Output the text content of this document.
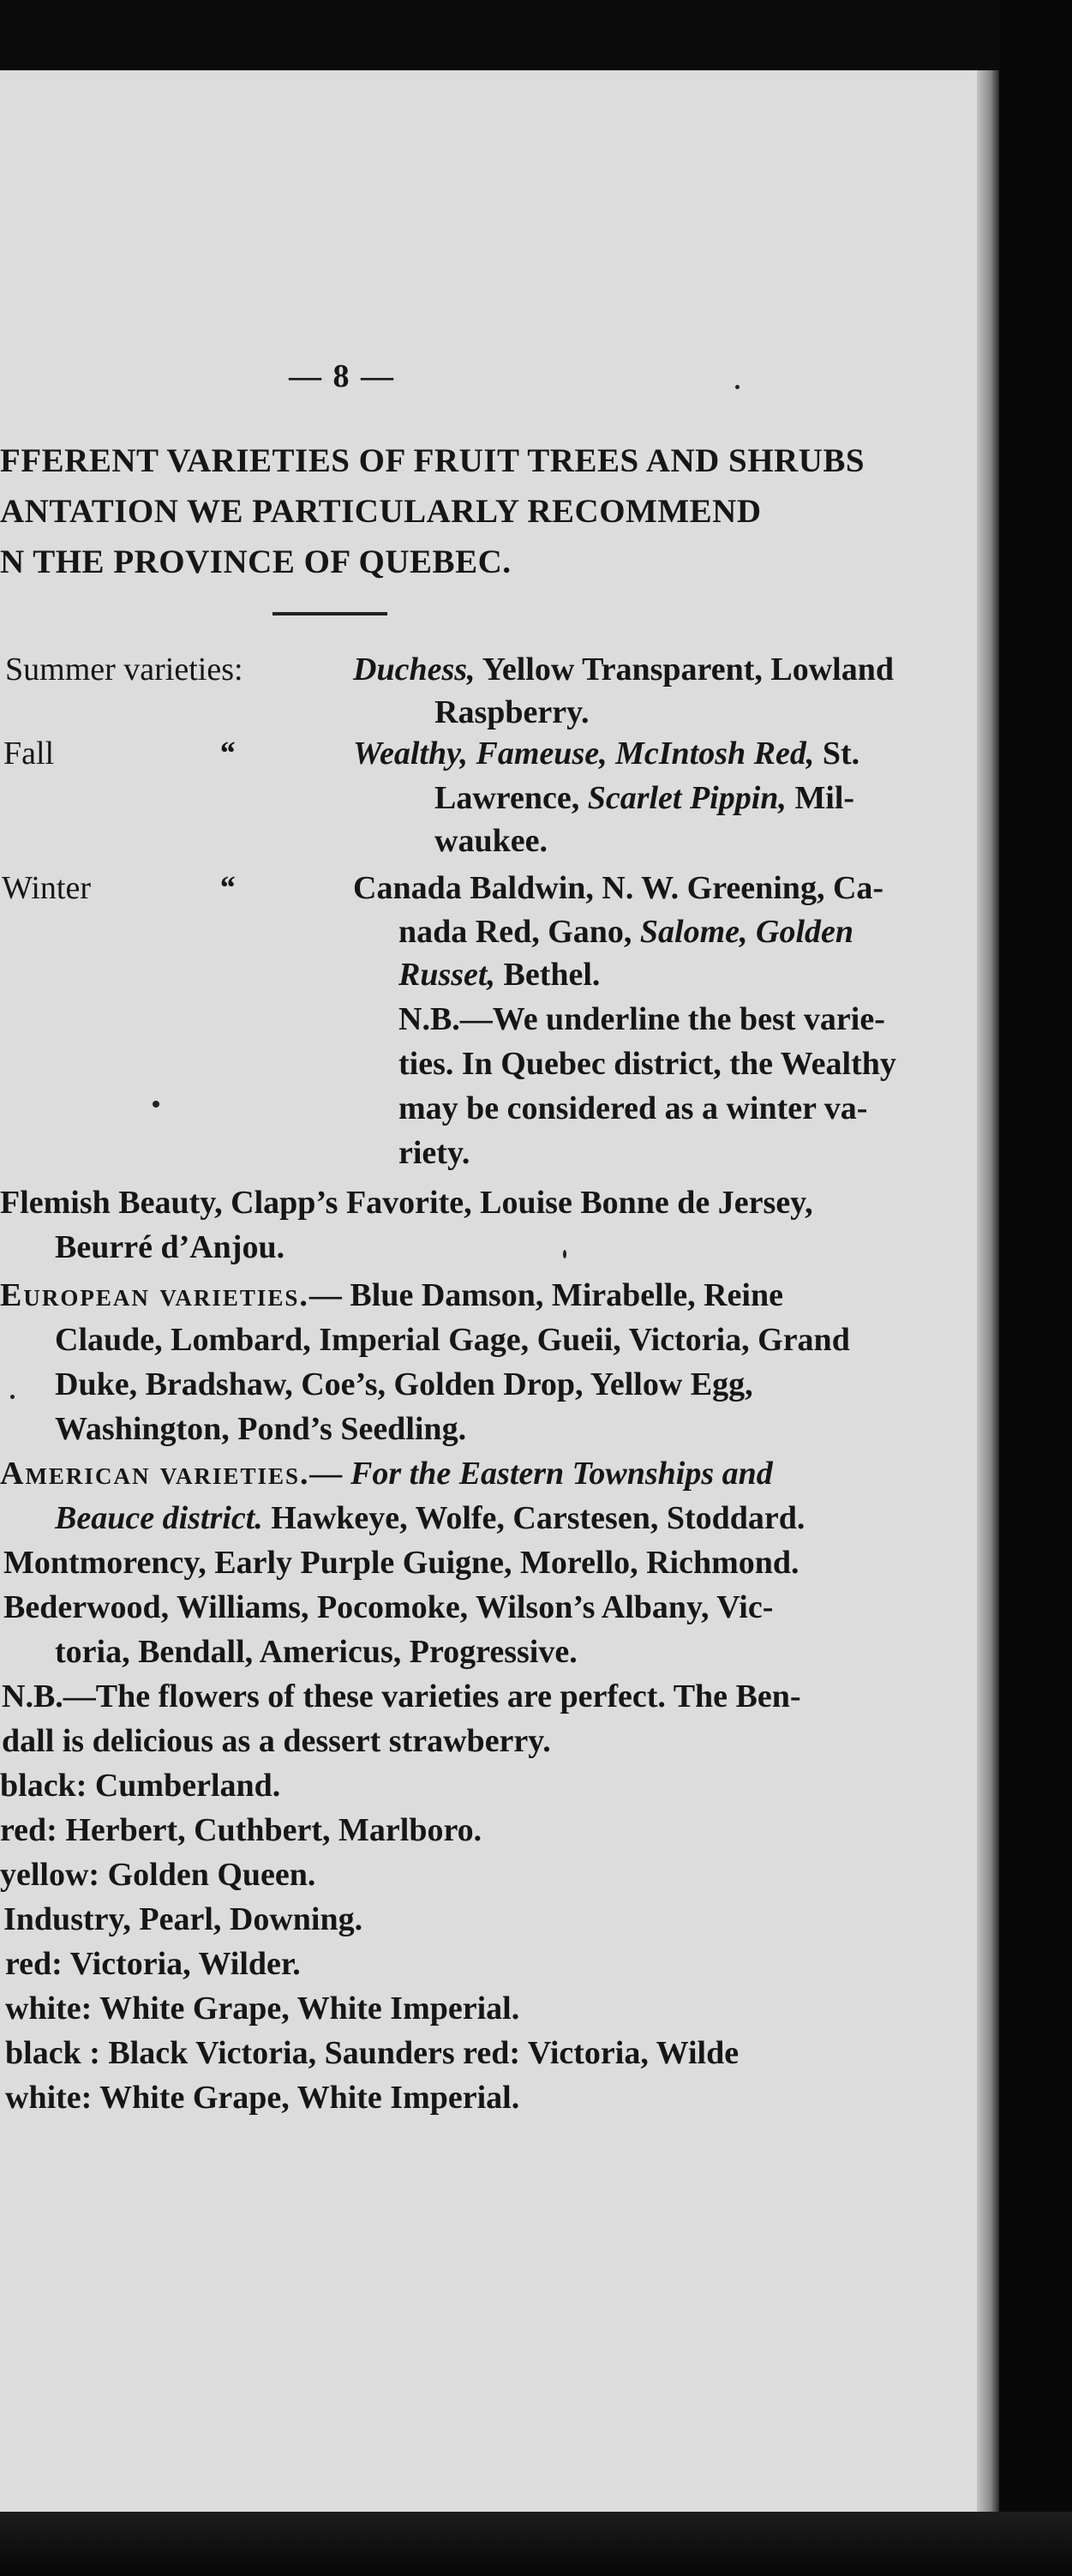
— 8 —
FFERENT VARIETIES OF FRUIT TREES AND SHRUBS
ANTATION WE PARTICULARLY RECOMMEND
N THE PROVINCE OF QUEBEC.
Summer varieties:	Duchess, Yellow Transparent, Lowland
Raspberry.
Fall	“	Wealthy, Fameuse, McIntosh Red, St.
Lawrence, Scarlet Pippin, Mil-
waukee.
Winter	“	Canada Baldwin, N. W. Greening, Ca-
nada Red, Gano, Salome, Golden
Russet, Bethel.
N.B.—We underline the best varie-
ties. In Quebec district, the Wealthy
may be considered as a winter va-
riety.
Flemish Beauty, Clapp’s Favorite, Louise Bonne de Jersey,
Beurré d’Anjou.
European varieties.— Blue Damson, Mirabelle, Reine
Claude, Lombard, Imperial Gage, Gueii, Victoria, Grand
Duke, Bradshaw, Coe’s, Golden Drop, Yellow Egg,
Washington, Pond’s Seedling.
American varieties.— For the Eastern Townships and
Beauce district. Hawkeye, Wolfe, Carstesen, Stoddard.
Montmorency, Early Purple Guigne, Morello, Richmond.
Bederwood, Williams, Pocomoke, Wilson’s Albany, Vic-
toria, Bendall, Americus, Progressive.
N.B.—The flowers of these varieties are perfect. The Ben-
dall is delicious as a dessert strawberry.
black: Cumberland.
red: Herbert, Cuthbert, Marlboro.
yellow: Golden Queen.
Industry, Pearl, Downing.
red: Victoria, Wilder.
white: White Grape, White Imperial.
black : Black Victoria, Saunders red: Victoria, Wilde
white: White Grape, White Imperial.
